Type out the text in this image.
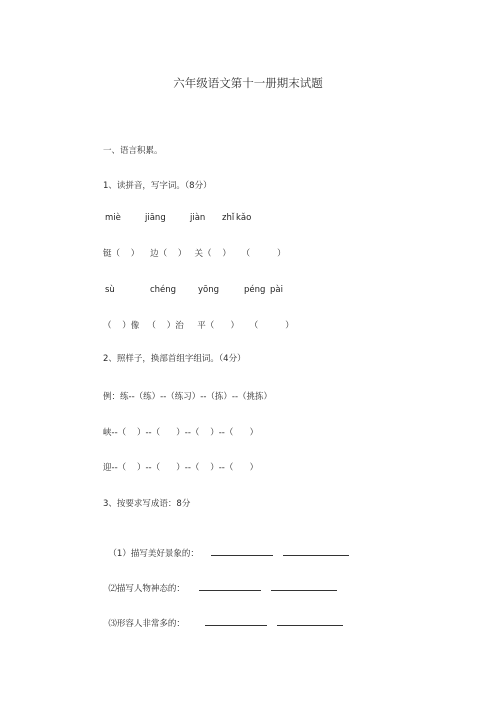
六年级语文第十一册期末试题
一、语言积累。
1、读拼音，写字词。（8分）
miè	jiāng	jiàn zhǐ kǎo
铤（    ）    边（    ）   关（    ）    （          ）
sù	chéng	yōng	péng pài
（    ）像   （    ）治     平（      ）    （          ）
2、照样子，换部首组字组词。（4分）
例：练--（练）--（练习）--（拣）--（挑拣）
峡--（    ）--（      ）--（    ）--（      ）
迎--（    ）--（      ）--（    ）--（      ）
3、按要求写成语：8分

（1）描写美好景象的：

⑵描写人物神态的：

⑶形容人非常多的：
